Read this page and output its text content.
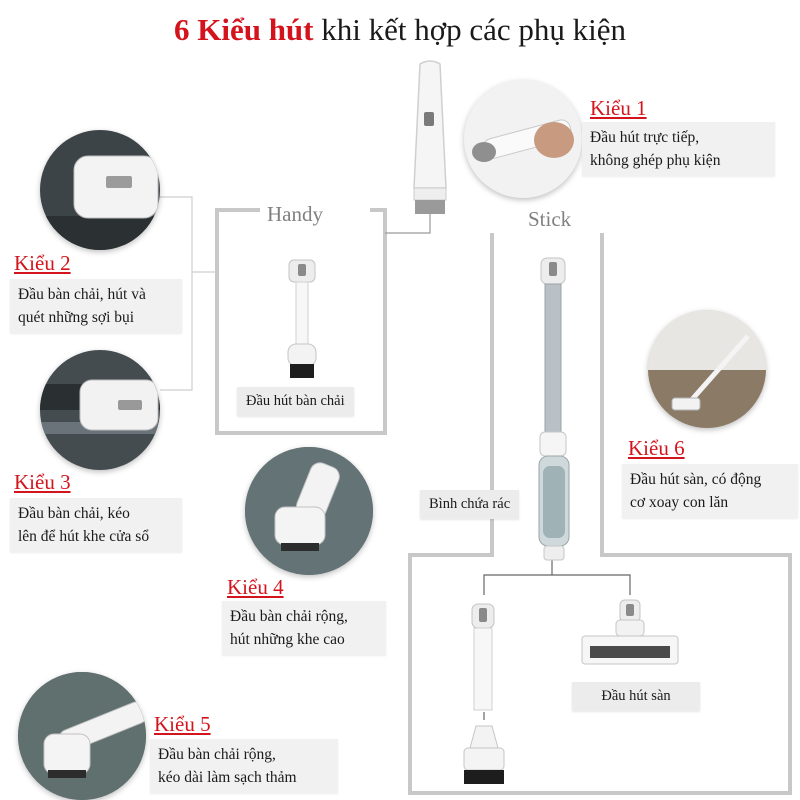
6 Kiểu hút khi kết hợp các phụ kiện
Handy	Stick
Kiểu 1
Đầu hút trực tiếp,
không ghép phụ kiện
Kiểu 2
Đầu bàn chải, hút và
quét những sợi bụi
Kiểu 3
Đầu bàn chải, kéo
lên để hút khe cửa sổ
Đầu hút bàn chải
Kiểu 4
Đầu bàn chải rộng,
hút những khe cao
Kiểu 5
Đầu bàn chải rộng,
kéo dài làm sạch thảm
Bình chứa rác
Kiểu 6
Đầu hút sàn, có động
cơ xoay con lăn
Đầu hút sàn
